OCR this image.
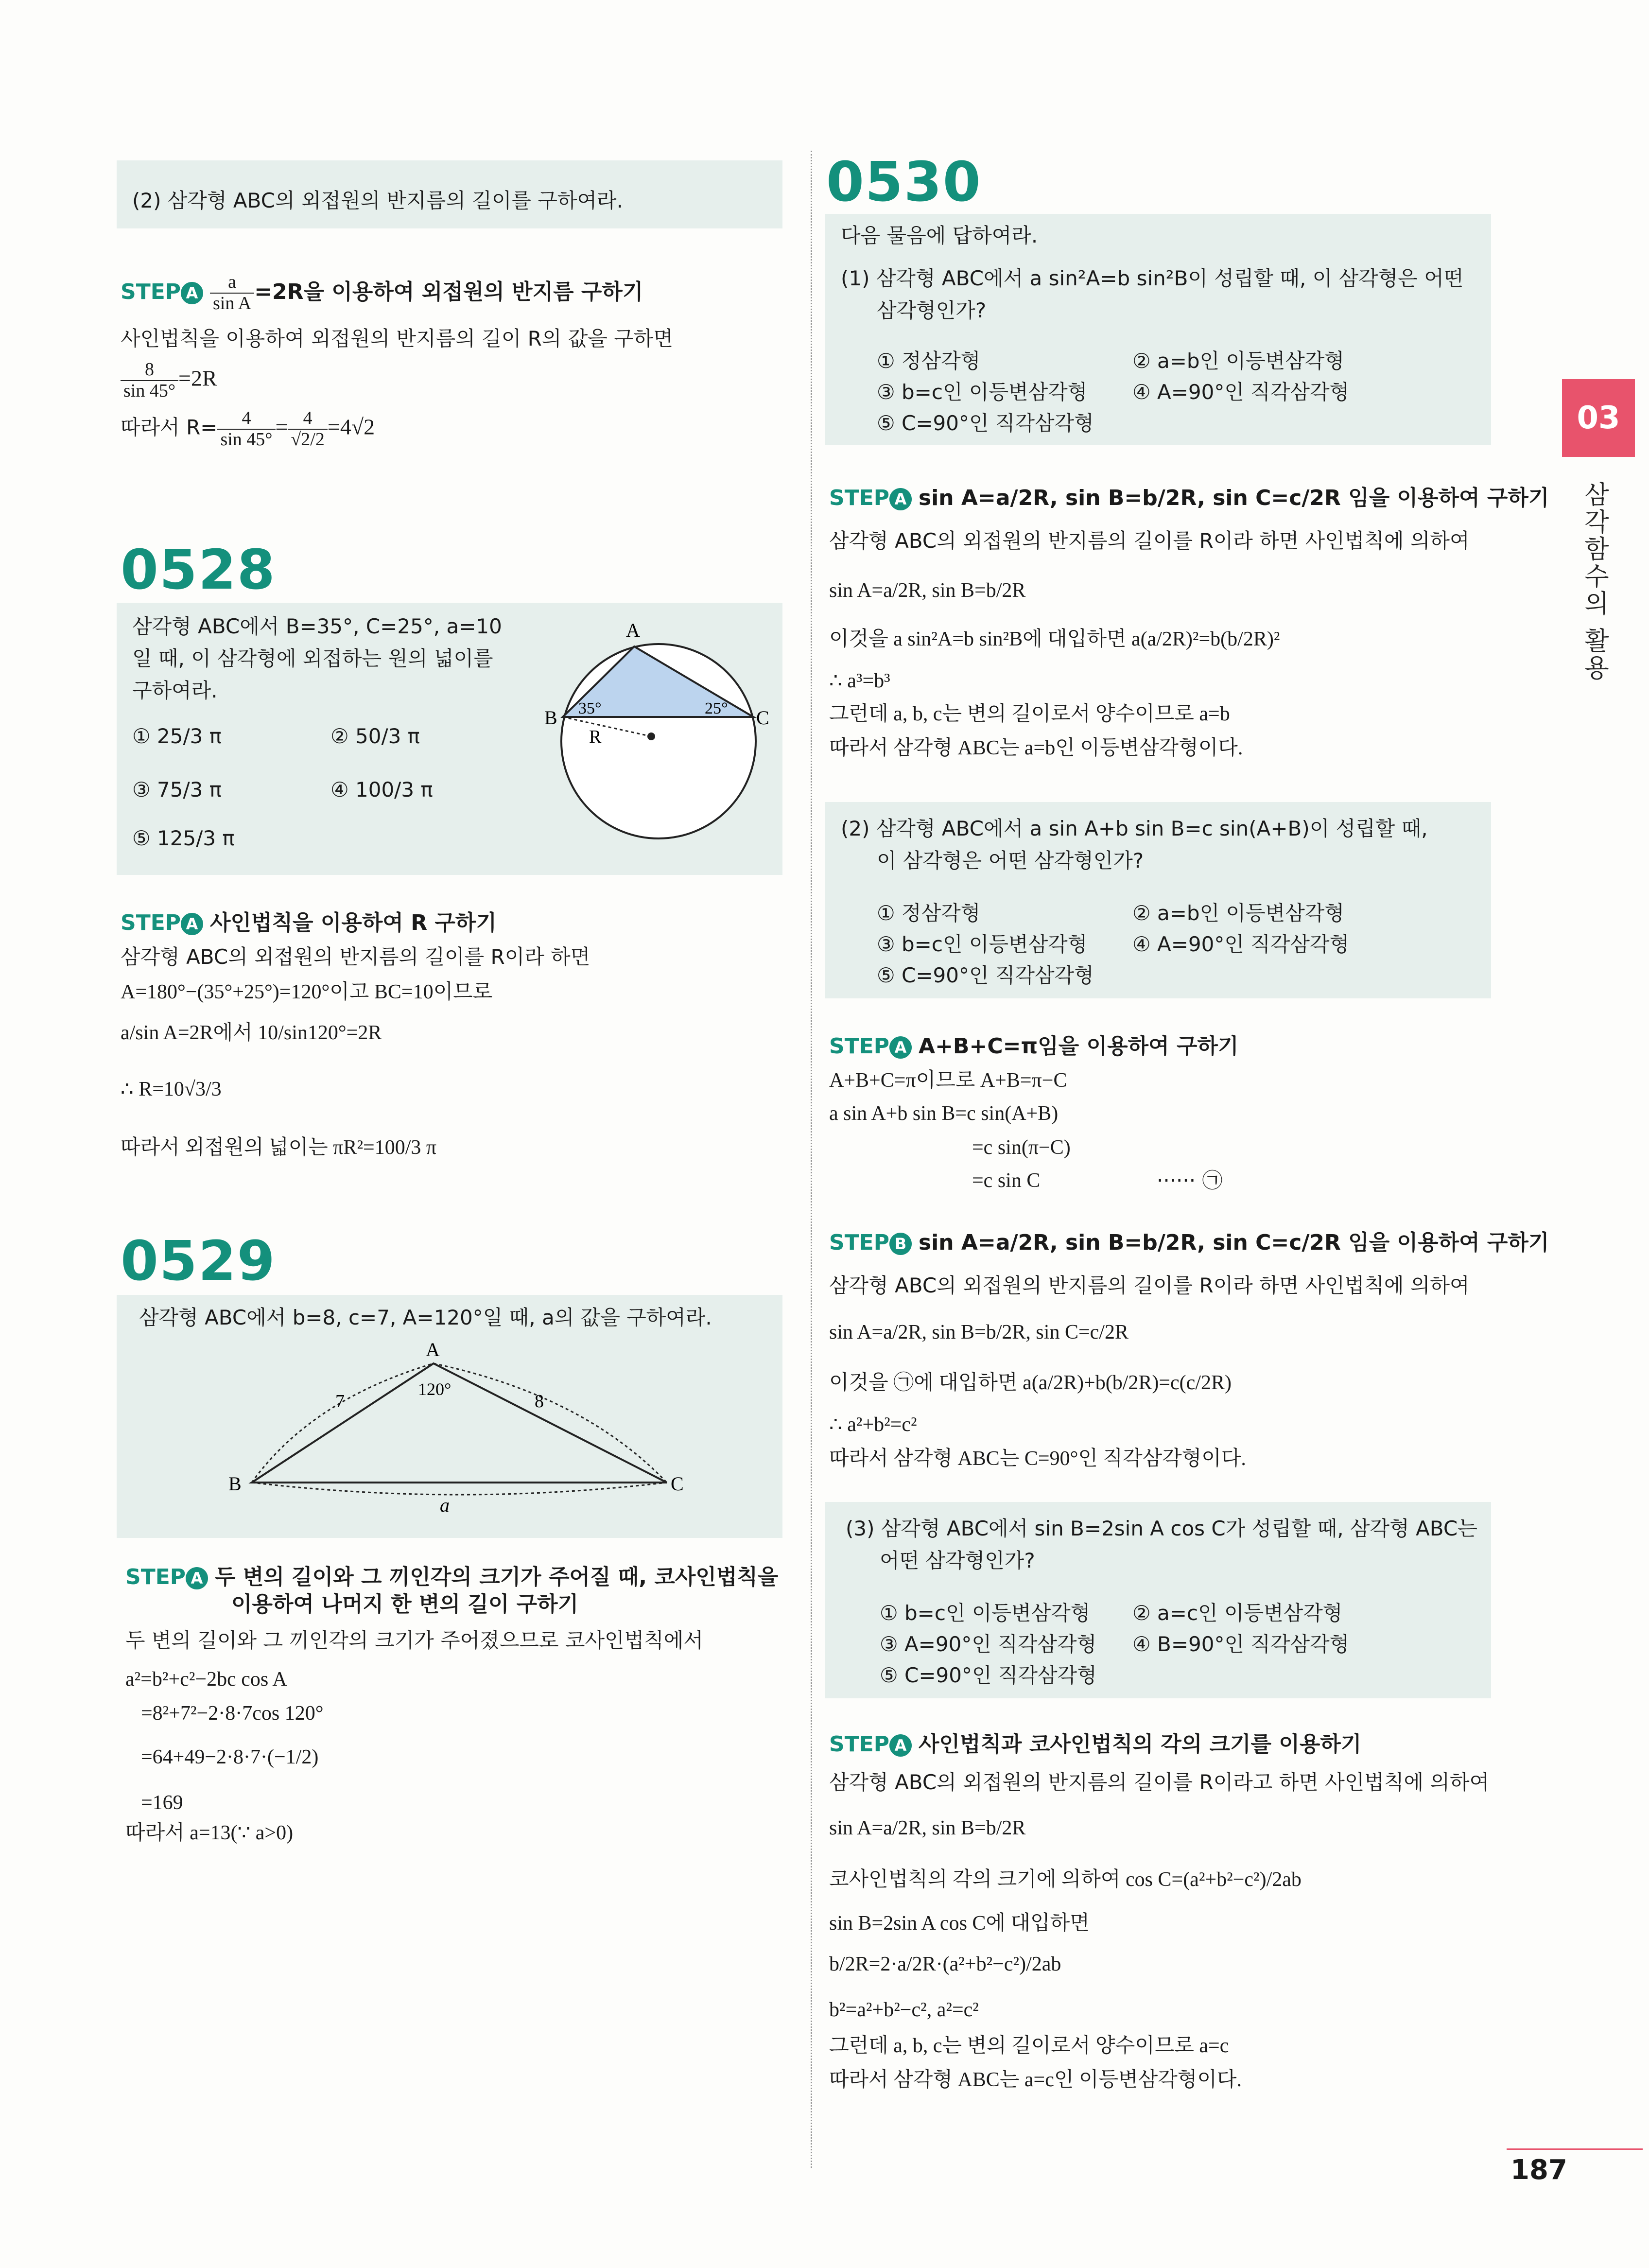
03
삼각함수의 활용
187
(2) 삼각형 ABC의 외접원의 반지름의 길이를 구하여라.
STEP A $\frac{a}{\text{sin A}} =2R$을 이용하여 외접원의 반지름 구하기
사인법칙을 이용하여 외접원의 반지름의 길이 R의 값을 구하면
$\frac{8}{\sin 45^\circ} =2R$
따라서 $R= \frac{4}{\sin 45^\circ} = \frac{4}{√2/2} =4√2$
0528
삼각형 ABC에서 B=35°, C=25°, a=10
일 때, 이 삼각형에 외접하는 원의 넓이를
구하여라.
① 25/3 π	② 50/3 π
③ 75/3 π	④ 100/3 π
⑤ 125/3 π
A
B	C
R
35°	25°
STEP A 사인법칙을 이용하여 R 구하기
삼각형 ABC의 외접원의 반지름의 길이를 R이라 하면
A=180°−(35°+25°)=120°이고 BC=10이므로
a/sin A=2R에서 10/sin120°=2R
∴ R=10√3/3
따라서 외접원의 넓이는 πR²=100/3 π
0529
삼각형 ABC에서 b=8, c=7, A=120°일 때, a의 값을 구하여라.
A
B	C
7	8
120°
a
STEP A 두 변의 길이와 그 끼인각의 크기가 주어질 때, 코사인법칙을
이용하여 나머지 한 변의 길이 구하기
두 변의 길이와 그 끼인각의 크기가 주어졌으므로 코사인법칙에서
a²=b²+c²−2bc cos A
=8²+7²−2·8·7cos 120°
=64+49−2·8·7·(−1/2)
=169
따라서 a=13(∵ a>0)
0530
다음 물음에 답하여라.
(1) 삼각형 ABC에서 a sin²A=b sin²B이 성립할 때, 이 삼각형은 어떤
삼각형인가?
① 정삼각형	② a=b인 이등변삼각형
③ b=c인 이등변삼각형 ④ A=90°인 직각삼각형
⑤ C=90°인 직각삼각형
STEP A sin A=a/2R, sin B=b/2R, sin C=c/2R 임을 이용하여 구하기
삼각형 ABC의 외접원의 반지름의 길이를 R이라 하면 사인법칙에 의하여
sin A=a/2R, sin B=b/2R
이것을 a sin²A=b sin²B에 대입하면 a(a/2R)²=b(b/2R)²
∴ a³=b³
그런데 a, b, c는 변의 길이로서 양수이므로 a=b
따라서 삼각형 ABC는 a=b인 이등변삼각형이다.
(2) 삼각형 ABC에서 a sin A+b sin B=c sin(A+B)이 성립할 때,
이 삼각형은 어떤 삼각형인가?
① 정삼각형	② a=b인 이등변삼각형
③ b=c인 이등변삼각형 ④ A=90°인 직각삼각형
⑤ C=90°인 직각삼각형
STEP A A+B+C=π임을 이용하여 구하기
A+B+C=π이므로 A+B=π−C
a sin A+b sin B=c sin(A+B)
=c sin(π−C)
=c sin C	······ ㉠
STEP B sin A=a/2R, sin B=b/2R, sin C=c/2R 임을 이용하여 구하기
삼각형 ABC의 외접원의 반지름의 길이를 R이라 하면 사인법칙에 의하여
sin A=a/2R, sin B=b/2R, sin C=c/2R
이것을 ㉠에 대입하면 a(a/2R)+b(b/2R)=c(c/2R)
∴ a²+b²=c²
따라서 삼각형 ABC는 C=90°인 직각삼각형이다.
(3) 삼각형 ABC에서 sin B=2sin A cos C가 성립할 때, 삼각형 ABC는
어떤 삼각형인가?
① b=c인 이등변삼각형 ② a=c인 이등변삼각형
③ A=90°인 직각삼각형 ④ B=90°인 직각삼각형
⑤ C=90°인 직각삼각형
STEP A 사인법칙과 코사인법칙의 각의 크기를 이용하기
삼각형 ABC의 외접원의 반지름의 길이를 R이라고 하면 사인법칙에 의하여
sin A=a/2R, sin B=b/2R
코사인법칙의 각의 크기에 의하여 cos C=(a²+b²−c²)/2ab
sin B=2sin A cos C에 대입하면
b/2R=2·a/2R·(a²+b²−c²)/2ab
b²=a²+b²−c², a²=c²
그런데 a, b, c는 변의 길이로서 양수이므로 a=c
따라서 삼각형 ABC는 a=c인 이등변삼각형이다.
